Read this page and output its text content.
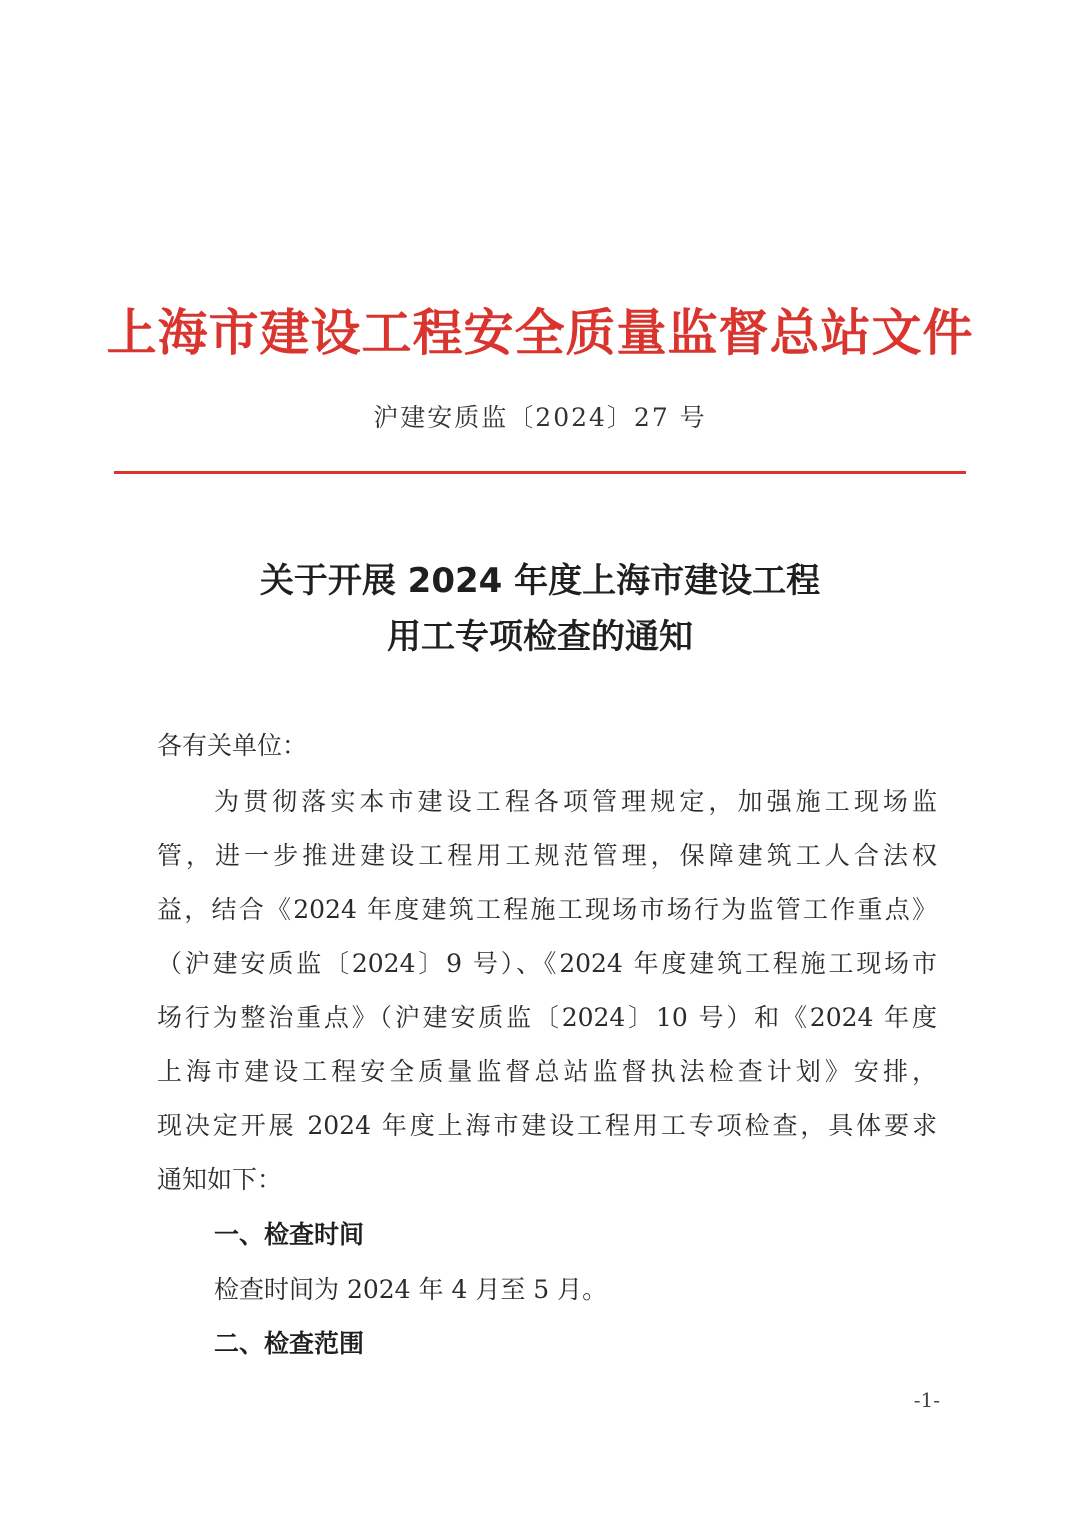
上海市建设工程安全质量监督总站文件
沪建安质监〔2024〕27 号
关于开展 2024 年度上海市建设工程
用工专项检查的通知
各有关单位：
为贯彻落实本市建设工程各项管理规定，加强施工现场监
管，进一步推进建设工程用工规范管理，保障建筑工人合法权
益，结合《2024 年度建筑工程施工现场市场行为监管工作重点》
（沪建安质监〔2024〕9 号）、《2024 年度建筑工程施工现场市
场行为整治重点》（沪建安质监〔2024〕10 号）和《2024 年度
上海市建设工程安全质量监督总站监督执法检查计划》安排，
现决定开展 2024 年度上海市建设工程用工专项检查，具体要求
通知如下：
一、检查时间
检查时间为 2024 年 4 月至 5 月。
二、检查范围
-1-
